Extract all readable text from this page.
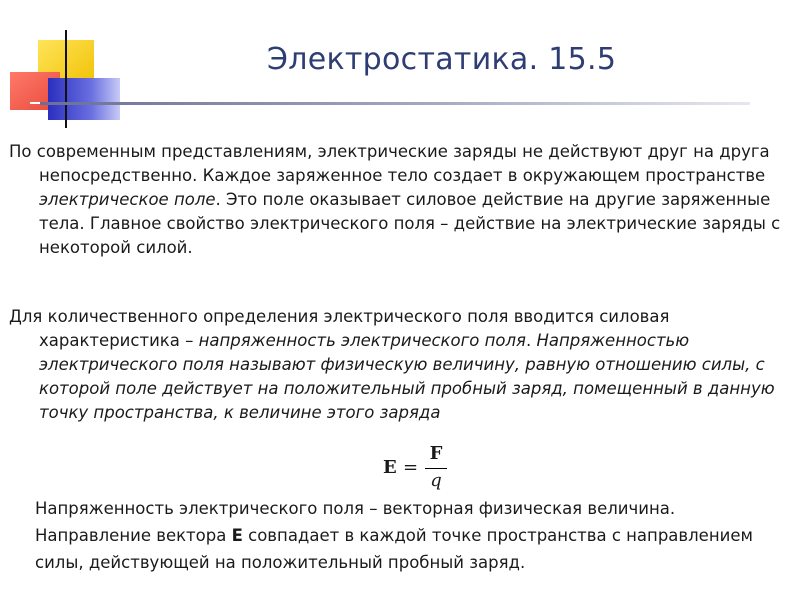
Электростатика. 15.5

По современным представлениям, электрические заряды не действуют друг на друга непосредственно. Каждое заряженное тело создает в окружающем пространстве электрическое поле. Это поле оказывает силовое действие на другие заряженные тела. Главное свойство электрического поля – действие на электрические заряды с некоторой силой.

Для количественного определения электрического поля вводится силовая характеристика – напряженность электрического поля. Напряженностью электрического поля называют физическую величину, равную отношению силы, с которой поле действует на положительный пробный заряд, помещенный в данную точку пространства, к величине этого заряда

E =
F
q

Напряженность электрического поля – векторная физическая величина. Направление вектора E совпадает в каждой точке пространства с направлением силы, действующей на положительный пробный заряд.
